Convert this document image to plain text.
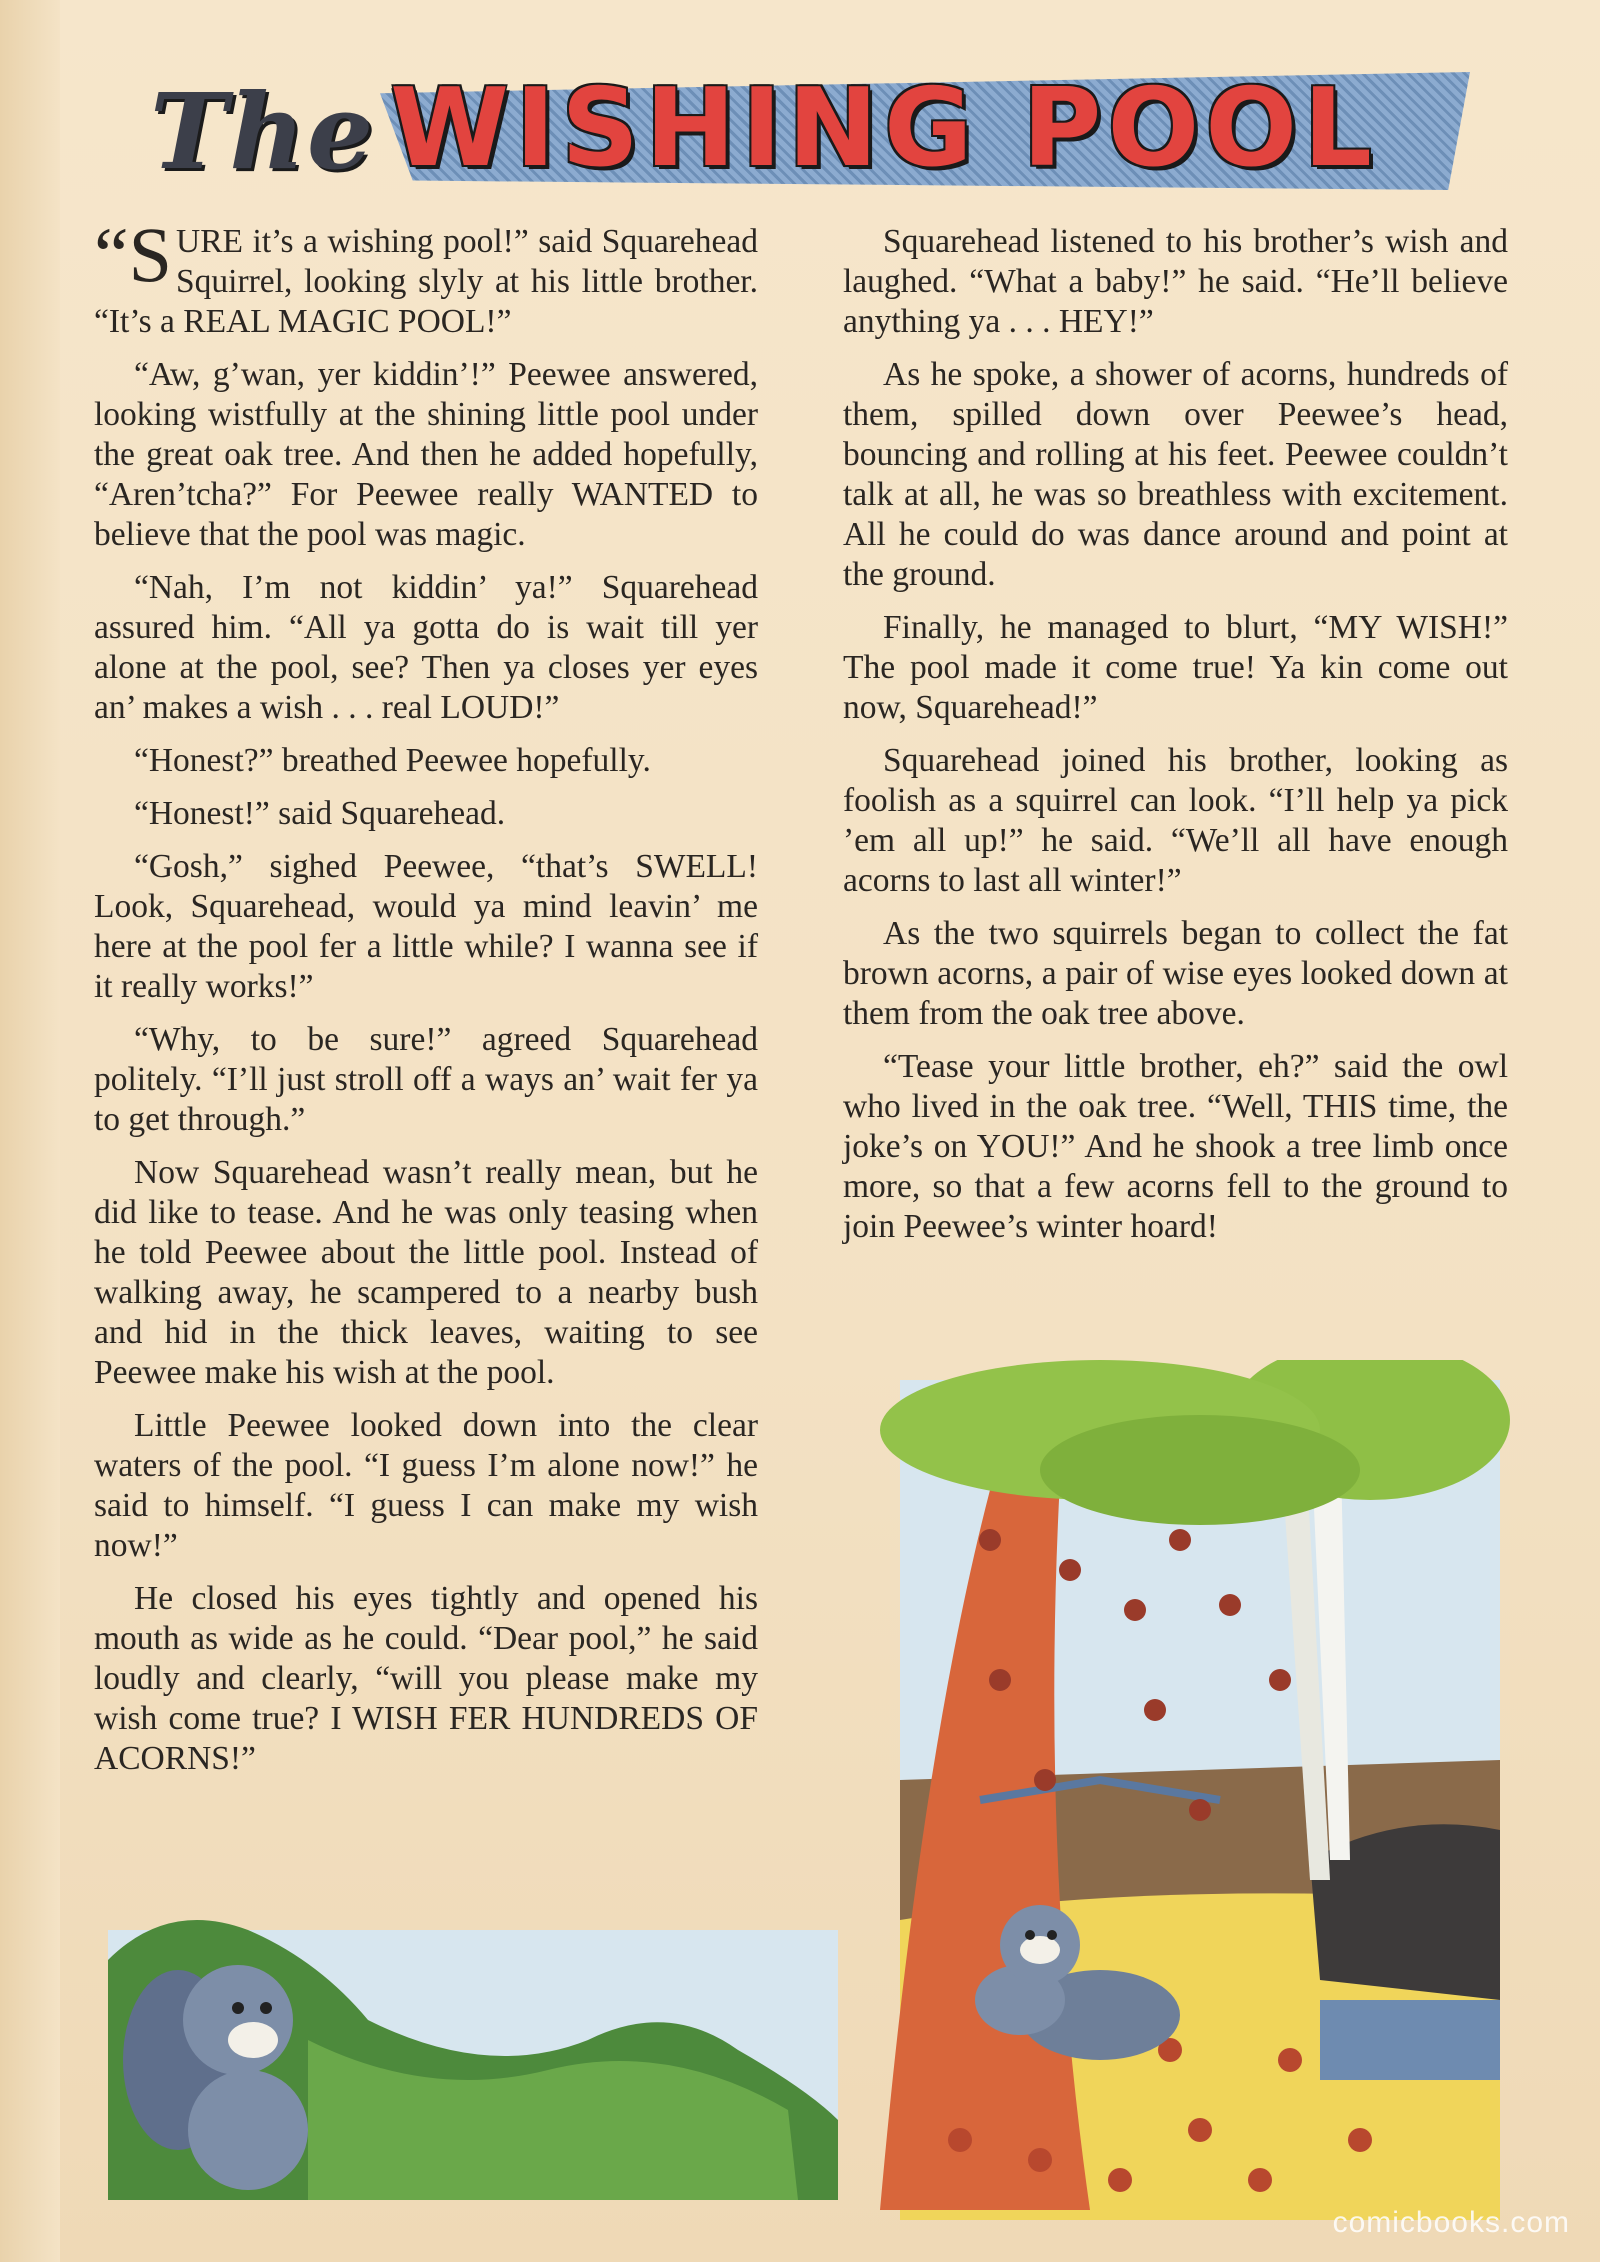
The WISHING POOL

“S URE it’s a wishing pool!” said Squarehead Squirrel, looking slyly at his little brother. “It’s a REAL MAGIC POOL!”

“Aw, g’wan, yer kiddin’!” Peewee answered, looking wistfully at the shining little pool under the great oak tree. And then he added hopefully, “Aren’tcha?” For Peewee really WANTED to believe that the pool was magic.

“Nah, I’m not kiddin’ ya!” Squarehead assured him. “All ya gotta do is wait till yer alone at the pool, see? Then ya closes yer eyes an’ makes a wish . . . real LOUD!”

“Honest?” breathed Peewee hopefully.

“Honest!” said Squarehead.

“Gosh,” sighed Peewee, “that’s SWELL! Look, Squarehead, would ya mind leavin’ me here at the pool fer a little while? I wanna see if it really works!”

“Why, to be sure!” agreed Squarehead politely. “I’ll just stroll off a ways an’ wait fer ya to get through.”

Now Squarehead wasn’t really mean, but he did like to tease. And he was only teasing when he told Peewee about the little pool. Instead of walking away, he scampered to a nearby bush and hid in the thick leaves, waiting to see Peewee make his wish at the pool.

Little Peewee looked down into the clear waters of the pool. “I guess I’m alone now!” he said to himself. “I guess I can make my wish now!”

He closed his eyes tightly and opened his mouth as wide as he could. “Dear pool,” he said loudly and clearly, “will you please make my wish come true? I WISH FER HUNDREDS OF ACORNS!”

Squarehead listened to his brother’s wish and laughed. “What a baby!” he said. “He’ll believe anything ya . . . HEY!”

As he spoke, a shower of acorns, hundreds of them, spilled down over Peewee’s head, bouncing and rolling at his feet. Peewee couldn’t talk at all, he was so breathless with excitement. All he could do was dance around and point at the ground.

Finally, he managed to blurt, “MY WISH!” The pool made it come true! Ya kin come out now, Squarehead!”

Squarehead joined his brother, looking as foolish as a squirrel can look. “I’ll help ya pick ’em all up!” he said. “We’ll all have enough acorns to last all winter!”

As the two squirrels began to collect the fat brown acorns, a pair of wise eyes looked down at them from the oak tree above.

“Tease your little brother, eh?” said the owl who lived in the oak tree. “Well, THIS time, the joke’s on YOU!” And he shook a tree limb once more, so that a few acorns fell to the ground to join Peewee’s winter hoard!

comicbooks.com
